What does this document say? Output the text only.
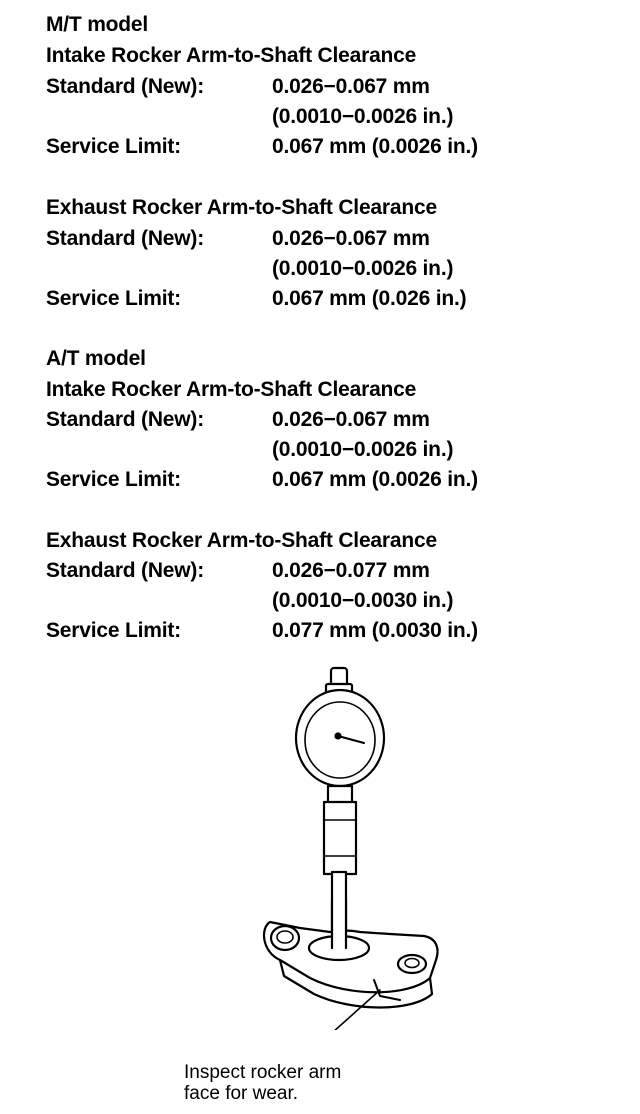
M/T model
Intake Rocker Arm-to-Shaft Clearance
Standard (New):	0.026−0.067 mm
(0.0010−0.0026 in.)
Service Limit:	0.067 mm (0.0026 in.)
Exhaust Rocker Arm-to-Shaft Clearance
Standard (New):	0.026−0.067 mm
(0.0010−0.0026 in.)
Service Limit:	0.067 mm (0.026 in.)
A/T model
Intake Rocker Arm-to-Shaft Clearance
Standard (New):	0.026−0.067 mm
(0.0010−0.0026 in.)
Service Limit:	0.067 mm (0.0026 in.)
Exhaust Rocker Arm-to-Shaft Clearance
Standard (New):	0.026−0.077 mm
(0.0010−0.0030 in.)
Service Limit:	0.077 mm (0.0030 in.)
Inspect rocker arm
face for wear.
